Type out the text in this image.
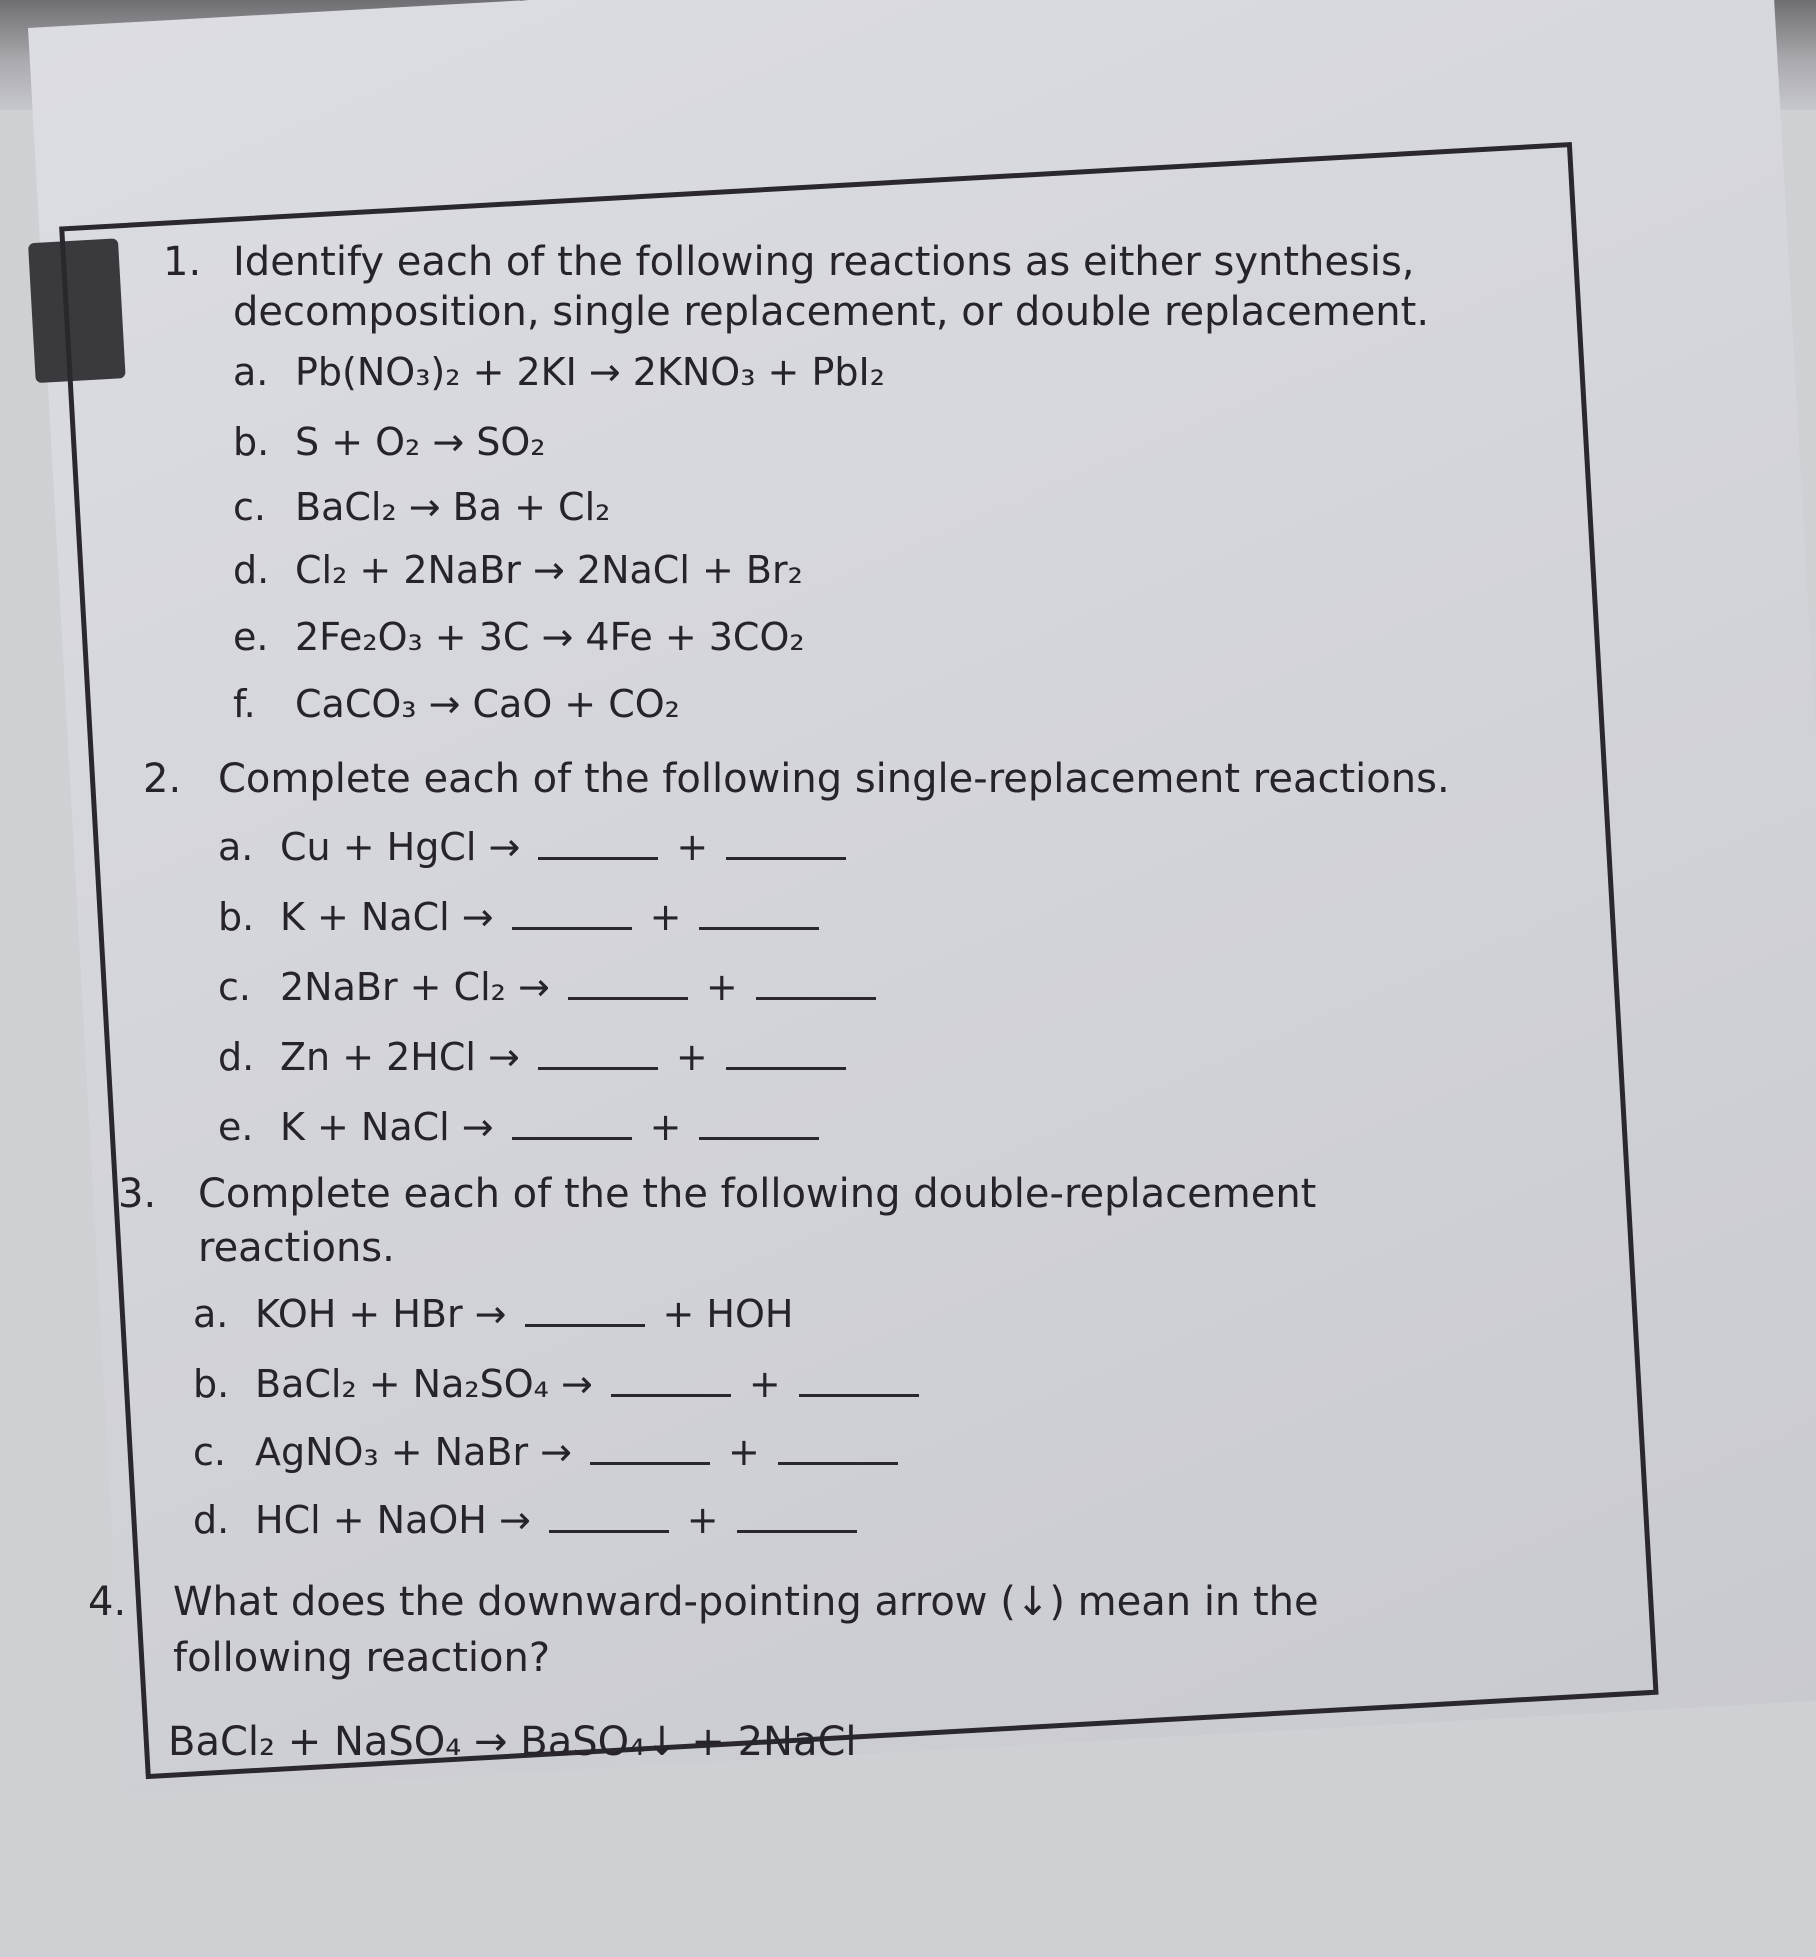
1. Identify each of the following reactions as either synthesis,
decomposition, single replacement, or double replacement.
a. Pb(NO₃)₂ + 2KI → 2KNO₃ + PbI₂
b. S + O₂ → SO₂
c. BaCl₂ → Ba + Cl₂
d. Cl₂ + 2NaBr → 2NaCl + Br₂
e. 2Fe₂O₃ + 3C → 4Fe + 3CO₂
f. CaCO₃ → CaO + CO₂
2. Complete each of the following single-replacement reactions.
a. Cu + HgCl →	+
b. K + NaCl →	+
c. 2NaBr + Cl₂ →	+
d. Zn + 2HCl →	+
e. K + NaCl →	+
3. Complete each of the the following double-replacement
reactions.
a. KOH + HBr →	+ HOH
b. BaCl₂ + Na₂SO₄ →	+
c. AgNO₃ + NaBr →	+
d. HCl + NaOH →	+
4. What does the downward-pointing arrow (↓) mean in the
following reaction?
BaCl₂ + NaSO₄ → BaSO₄↓ + 2NaCl
